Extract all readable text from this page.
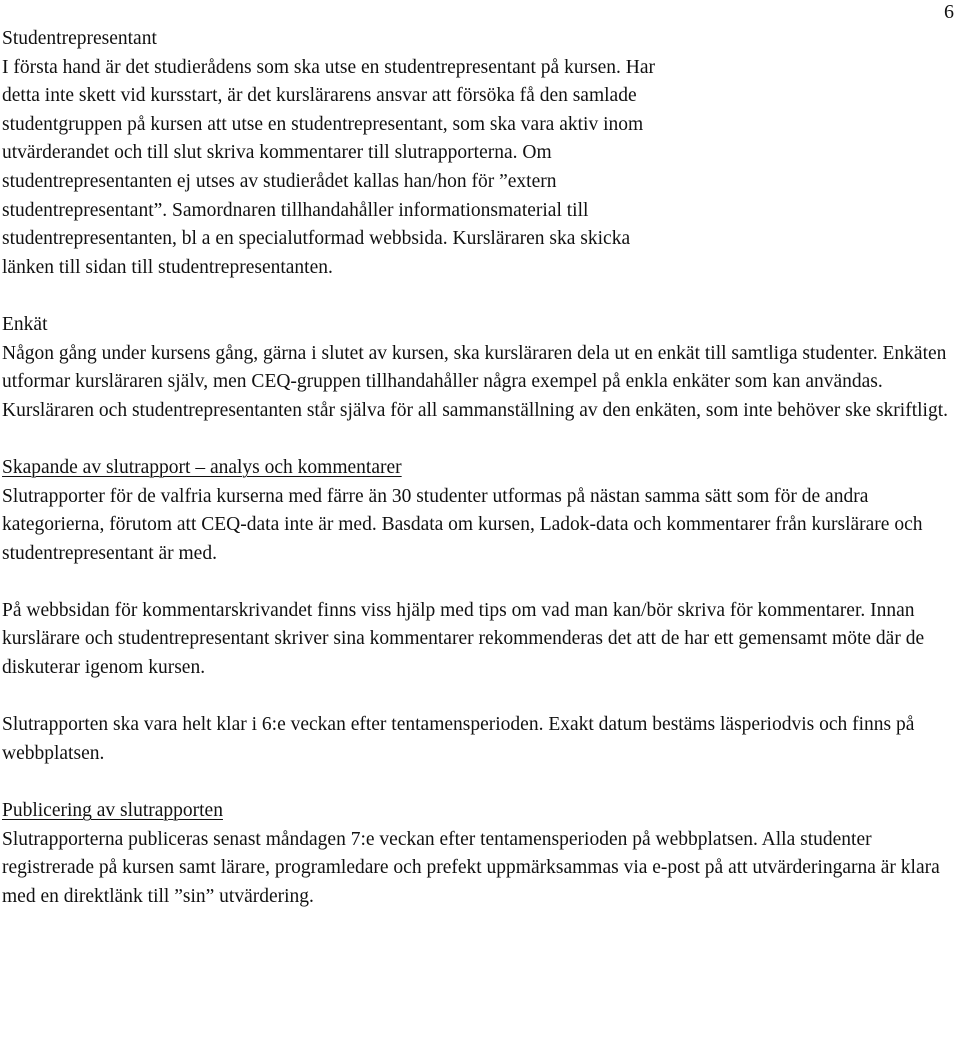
6
Studentrepresentant
I första hand är det studierådens som ska utse en studentrepresentant på kursen. Har
detta inte skett vid kursstart, är det kurslärarens ansvar att försöka få den samlade
studentgruppen på kursen att utse en studentrepresentant, som ska vara aktiv inom
utvärderandet och till slut skriva kommentarer till slutrapporterna. Om
studentrepresentanten ej utses av studierådet kallas han/hon för ”extern
studentrepresentant”. Samordnaren tillhandahåller informationsmaterial till
studentrepresentanten, bl a en specialutformad webbsida. Kursläraren ska skicka
länken till sidan till studentrepresentanten.
Enkät

Någon gång under kursens gång, gärna i slutet av kursen, ska kursläraren dela ut en enkät till samtliga studenter. Enkäten utformar kursläraren själv, men CEQ-gruppen tillhandahåller några exempel på enkla enkäter som kan användas. Kursläraren och studentrepresentanten står själva för all sammanställning av den enkäten, som inte behöver ske skriftligt.

Skapande av slutrapport – analys och kommentarer

Slutrapporter för de valfria kurserna med färre än 30 studenter utformas på nästan samma sätt som för de andra kategorierna, förutom att CEQ-data inte är med. Basdata om kursen, Ladok-data och kommentarer från kurslärare och studentrepresentant är med.

På webbsidan för kommentarskrivandet finns viss hjälp med tips om vad man kan/bör skriva för kommentarer. Innan kurslärare och studentrepresentant skriver sina kommentarer rekommenderas det att de har ett gemensamt möte där de diskuterar igenom kursen.

Slutrapporten ska vara helt klar i 6:e veckan efter tentamensperioden. Exakt datum bestäms läsperiodvis och finns på webbplatsen.

Publicering av slutrapporten

Slutrapporterna publiceras senast måndagen 7:e veckan efter tentamensperioden på webbplatsen. Alla studenter registrerade på kursen samt lärare, programledare och prefekt uppmärksammas via e-post på att utvärderingarna är klara med en direktlänk till ”sin” utvärdering.
